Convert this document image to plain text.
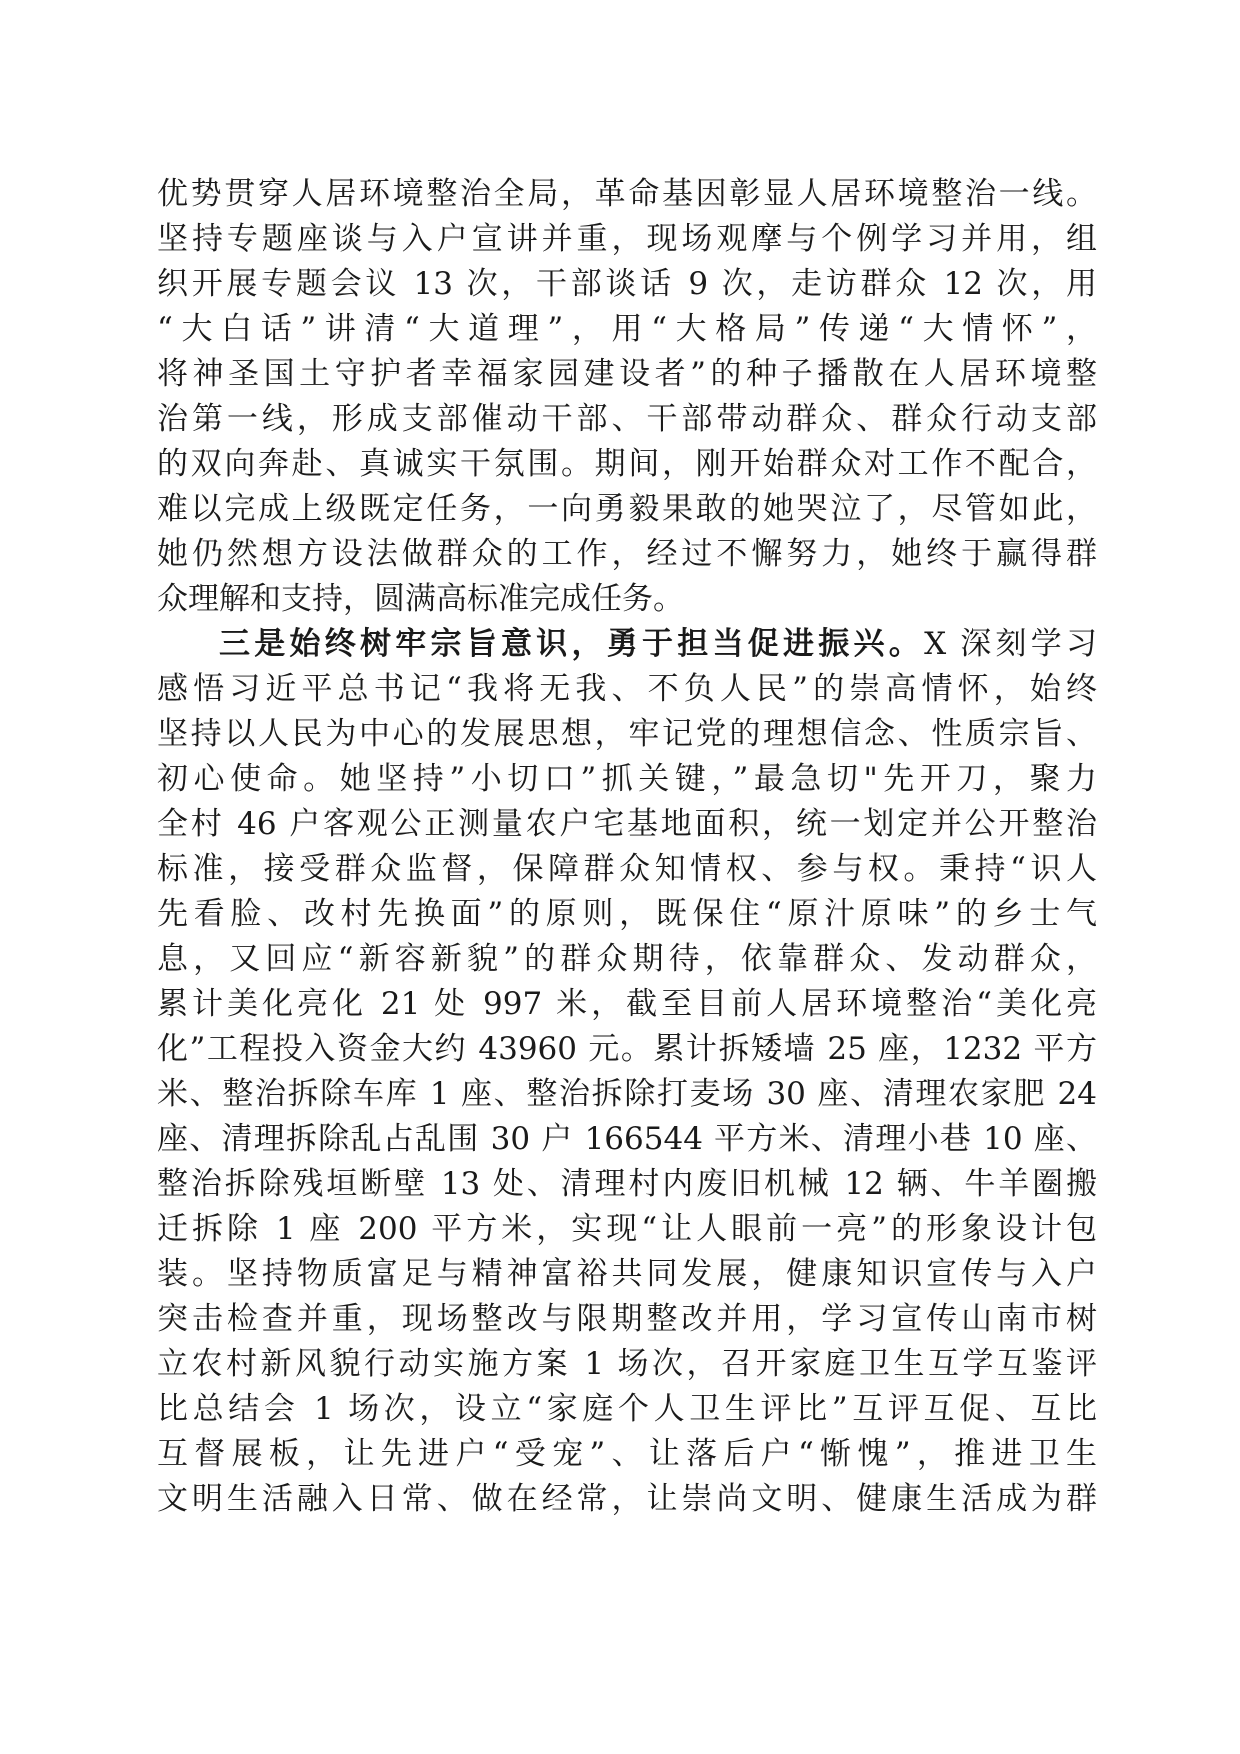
优势贯穿人居环境整治全局，革命基因彰显人居环境整治一线。
坚持专题座谈与入户宣讲并重，现场观摩与个例学习并用，组
织开展专题会议 13 次，干部谈话 9 次，走访群众 12 次，用
“大白话”讲清“大道理”，用“大格局”传递“大情怀”，
将神圣国土守护者幸福家园建设者”的种子播散在人居环境整
治第一线，形成支部催动干部、干部带动群众、群众行动支部
的双向奔赴、真诚实干氛围。期间，刚开始群众对工作不配合，
难以完成上级既定任务，一向勇毅果敢的她哭泣了，尽管如此，
她仍然想方设法做群众的工作，经过不懈努力，她终于赢得群
众理解和支持，圆满高标准完成任务。
三是始终树牢宗旨意识，勇于担当促进振兴。X 深刻学习
感悟习近平总书记“我将无我、不负人民”的崇高情怀，始终
坚持以人民为中心的发展思想，牢记党的理想信念、性质宗旨、
初心使命。她坚持”小切口”抓关键，”最急切"先开刀，聚力
全村 46 户客观公正测量农户宅基地面积，统一划定并公开整治
标准，接受群众监督，保障群众知情权、参与权。秉持“识人
先看脸、改村先换面”的原则，既保住“原汁原味”的乡士气
息，又回应“新容新貌”的群众期待，依靠群众、发动群众，
累计美化亮化 21 处 997 米，截至目前人居环境整治“美化亮
化”工程投入资金大约 43960 元。累计拆矮墙 25 座，1232 平方
米、整治拆除车库 1 座、整治拆除打麦场 30 座、清理农家肥 24
座、清理拆除乱占乱围 30 户 166544 平方米、清理小巷 10 座、
整治拆除残垣断壁 13 处、清理村内废旧机械 12 辆、牛羊圈搬
迁拆除 1 座 200 平方米，实现“让人眼前一亮”的形象设计包
装。坚持物质富足与精神富裕共同发展，健康知识宣传与入户
突击检查并重，现场整改与限期整改并用，学习宣传山南市树
立农村新风貌行动实施方案 1 场次，召开家庭卫生互学互鉴评
比总结会 1 场次，设立“家庭个人卫生评比”互评互促、互比
互督展板，让先进户“受宠”、让落后户“惭愧”，推进卫生
文明生活融入日常、做在经常，让崇尚文明、健康生活成为群
